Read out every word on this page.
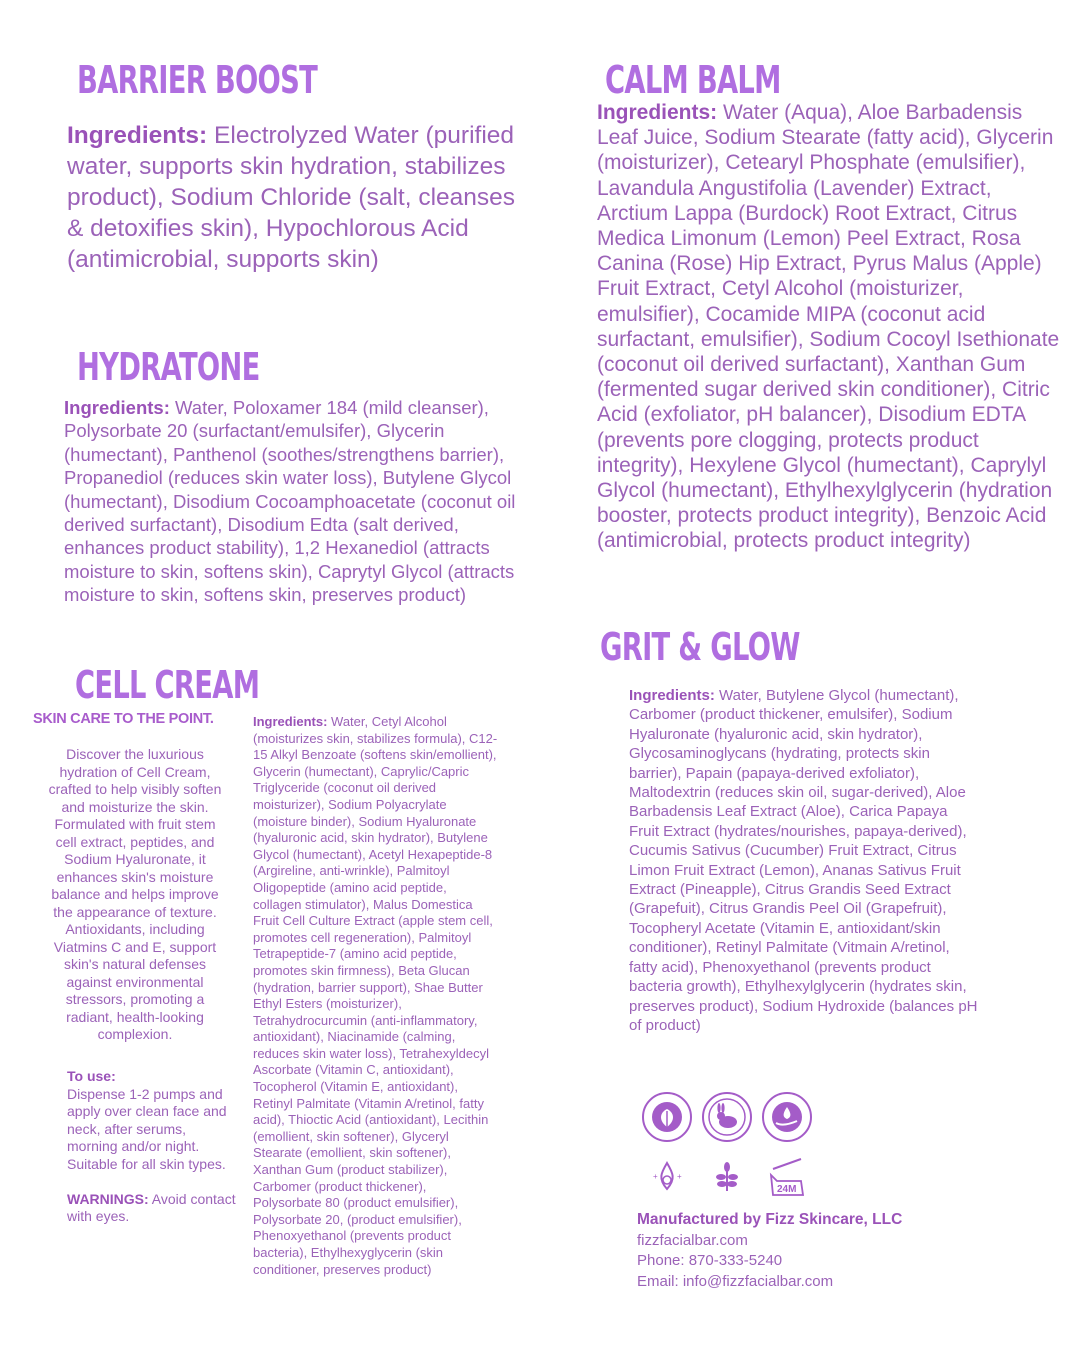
BARRIER BOOST
Ingredients: Electrolyzed Water (purified water, supports skin hydration, stabilizes product), Sodium Chloride (salt, cleanses & detoxifies skin), Hypochlorous Acid (antimicrobial, supports skin)
HYDRATONE
Ingredients: Water, Poloxamer 184 (mild cleanser), Polysorbate 20 (surfactant/emulsifer), Glycerin (humectant), Panthenol (soothes/strengthens barrier), Propanediol (reduces skin water loss), Butylene Glycol (humectant), Disodium Cocoamphoacetate (coconut oil derived surfactant), Disodium Edta (salt derived, enhances product stability), 1,2 Hexanediol (attracts moisture to skin, softens skin), Caprytyl Glycol (attracts moisture to skin, softens skin, preserves product)
CALM BALM
Ingredients: Water (Aqua), Aloe Barbadensis Leaf Juice, Sodium Stearate (fatty acid), Glycerin (moisturizer), Cetearyl Phosphate (emulsifier), Lavandula Angustifolia (Lavender) Extract, Arctium Lappa (Burdock) Root Extract, Citrus Medica Limonum (Lemon) Peel Extract, Rosa Canina (Rose) Hip Extract, Pyrus Malus (Apple) Fruit Extract, Cetyl Alcohol (moisturizer, emulsifier), Cocamide MIPA (coconut acid surfactant, emulsifier), Sodium Cocoyl Isethionate (coconut oil derived surfactant), Xanthan Gum (fermented sugar derived skin conditioner), Citric Acid (exfoliator, pH balancer), Disodium EDTA (prevents pore clogging, protects product integrity), Hexylene Glycol (humectant), Caprylyl Glycol (humectant), Ethylhexylglycerin (hydration booster, protects product integrity), Benzoic Acid (antimicrobial, protects product integrity)
CELL CREAM
SKIN CARE TO THE POINT.
Discover the luxurious hydration of Cell Cream, crafted to help visibly soften and moisturize the skin. Formulated with fruit stem cell extract, peptides, and Sodium Hyaluronate, it enhances skin's moisture balance and helps improve the appearance of texture. Antioxidants, including Viatmins C and E, support skin's natural defenses against environmental stressors, promoting a radiant, health-looking complexion.
To use:
Dispense 1-2 pumps and apply over clean face and neck, after serums, morning and/or night. Suitable for all skin types.
WARNINGS: Avoid contact with eyes.
Ingredients: Water, Cetyl Alcohol (moisturizes skin, stabilizes formula), C12-15 Alkyl Benzoate (softens skin/emollient), Glycerin (humectant), Caprylic/Capric Triglyceride (coconut oil derived moisturizer), Sodium Polyacrylate (moisture binder), Sodium Hyaluronate (hyaluronic acid, skin hydrator), Butylene Glycol (humectant), Acetyl Hexapeptide-8 (Argireline, anti-wrinkle), Palmitoyl Oligopeptide (amino acid peptide, collagen stimulator), Malus Domestica Fruit Cell Culture Extract (apple stem cell, promotes cell regeneration), Palmitoyl Tetrapeptide-7 (amino acid peptide, promotes skin firmness), Beta Glucan (hydration, barrier support), Shae Butter Ethyl Esters (moisturizer), Tetrahydrocurcumin (anti-inflammatory, antioxidant), Niacinamide (calming, reduces skin water loss), Tetrahexyldecyl Ascorbate (Vitamin C, antioxidant), Tocopherol (Vitamin E, antioxidant), Retinyl Palmitate (Vitamin A/retinol, fatty acid), Thioctic Acid (antioxidant), Lecithin (emollient, skin softener), Glyceryl Stearate (emollient, skin softener), Xanthan Gum (product stabilizer), Carbomer (product thickener), Polysorbate 80 (product emulsifier), Polysorbate 20, (product emulsifier), Phenoxyethanol (prevents product bacteria), Ethylhexyglycerin (skin conditioner, preserves product)
GRIT & GLOW
Ingredients: Water, Butylene Glycol (humectant), Carbomer (product thickener, emulsifer), Sodium Hyaluronate (hyaluronic acid, skin hydrator), Glycosaminoglycans (hydrating, protects skin barrier), Papain (papaya-derived exfoliator), Maltodextrin (reduces skin oil, sugar-derived), Aloe Barbadensis Leaf Extract (Aloe), Carica Papaya Fruit Extract (hydrates/nourishes, papaya-derived), Cucumis Sativus (Cucumber) Fruit Extract, Citrus Limon Fruit Extract (Lemon), Ananas Sativus Fruit Extract (Pineapple), Citrus Grandis Seed Extract (Grapefuit), Citrus Grandis Peel Oil (Grapefruit), Tocopheryl Acetate (Vitamin E, antioxidant/skin conditioner), Retinyl Palmitate (Vitmain A/retinol, fatty acid), Phenoxyethanol (prevents product bacteria growth), Ethylhexylglycerin (hydrates skin, preserves product), Sodium Hydroxide (balances pH of product)
+ +
24M
Manufactured by Fizz Skincare, LLC
fizzfacialbar.com
Phone: 870-333-5240
Email: info@fizzfacialbar.com
